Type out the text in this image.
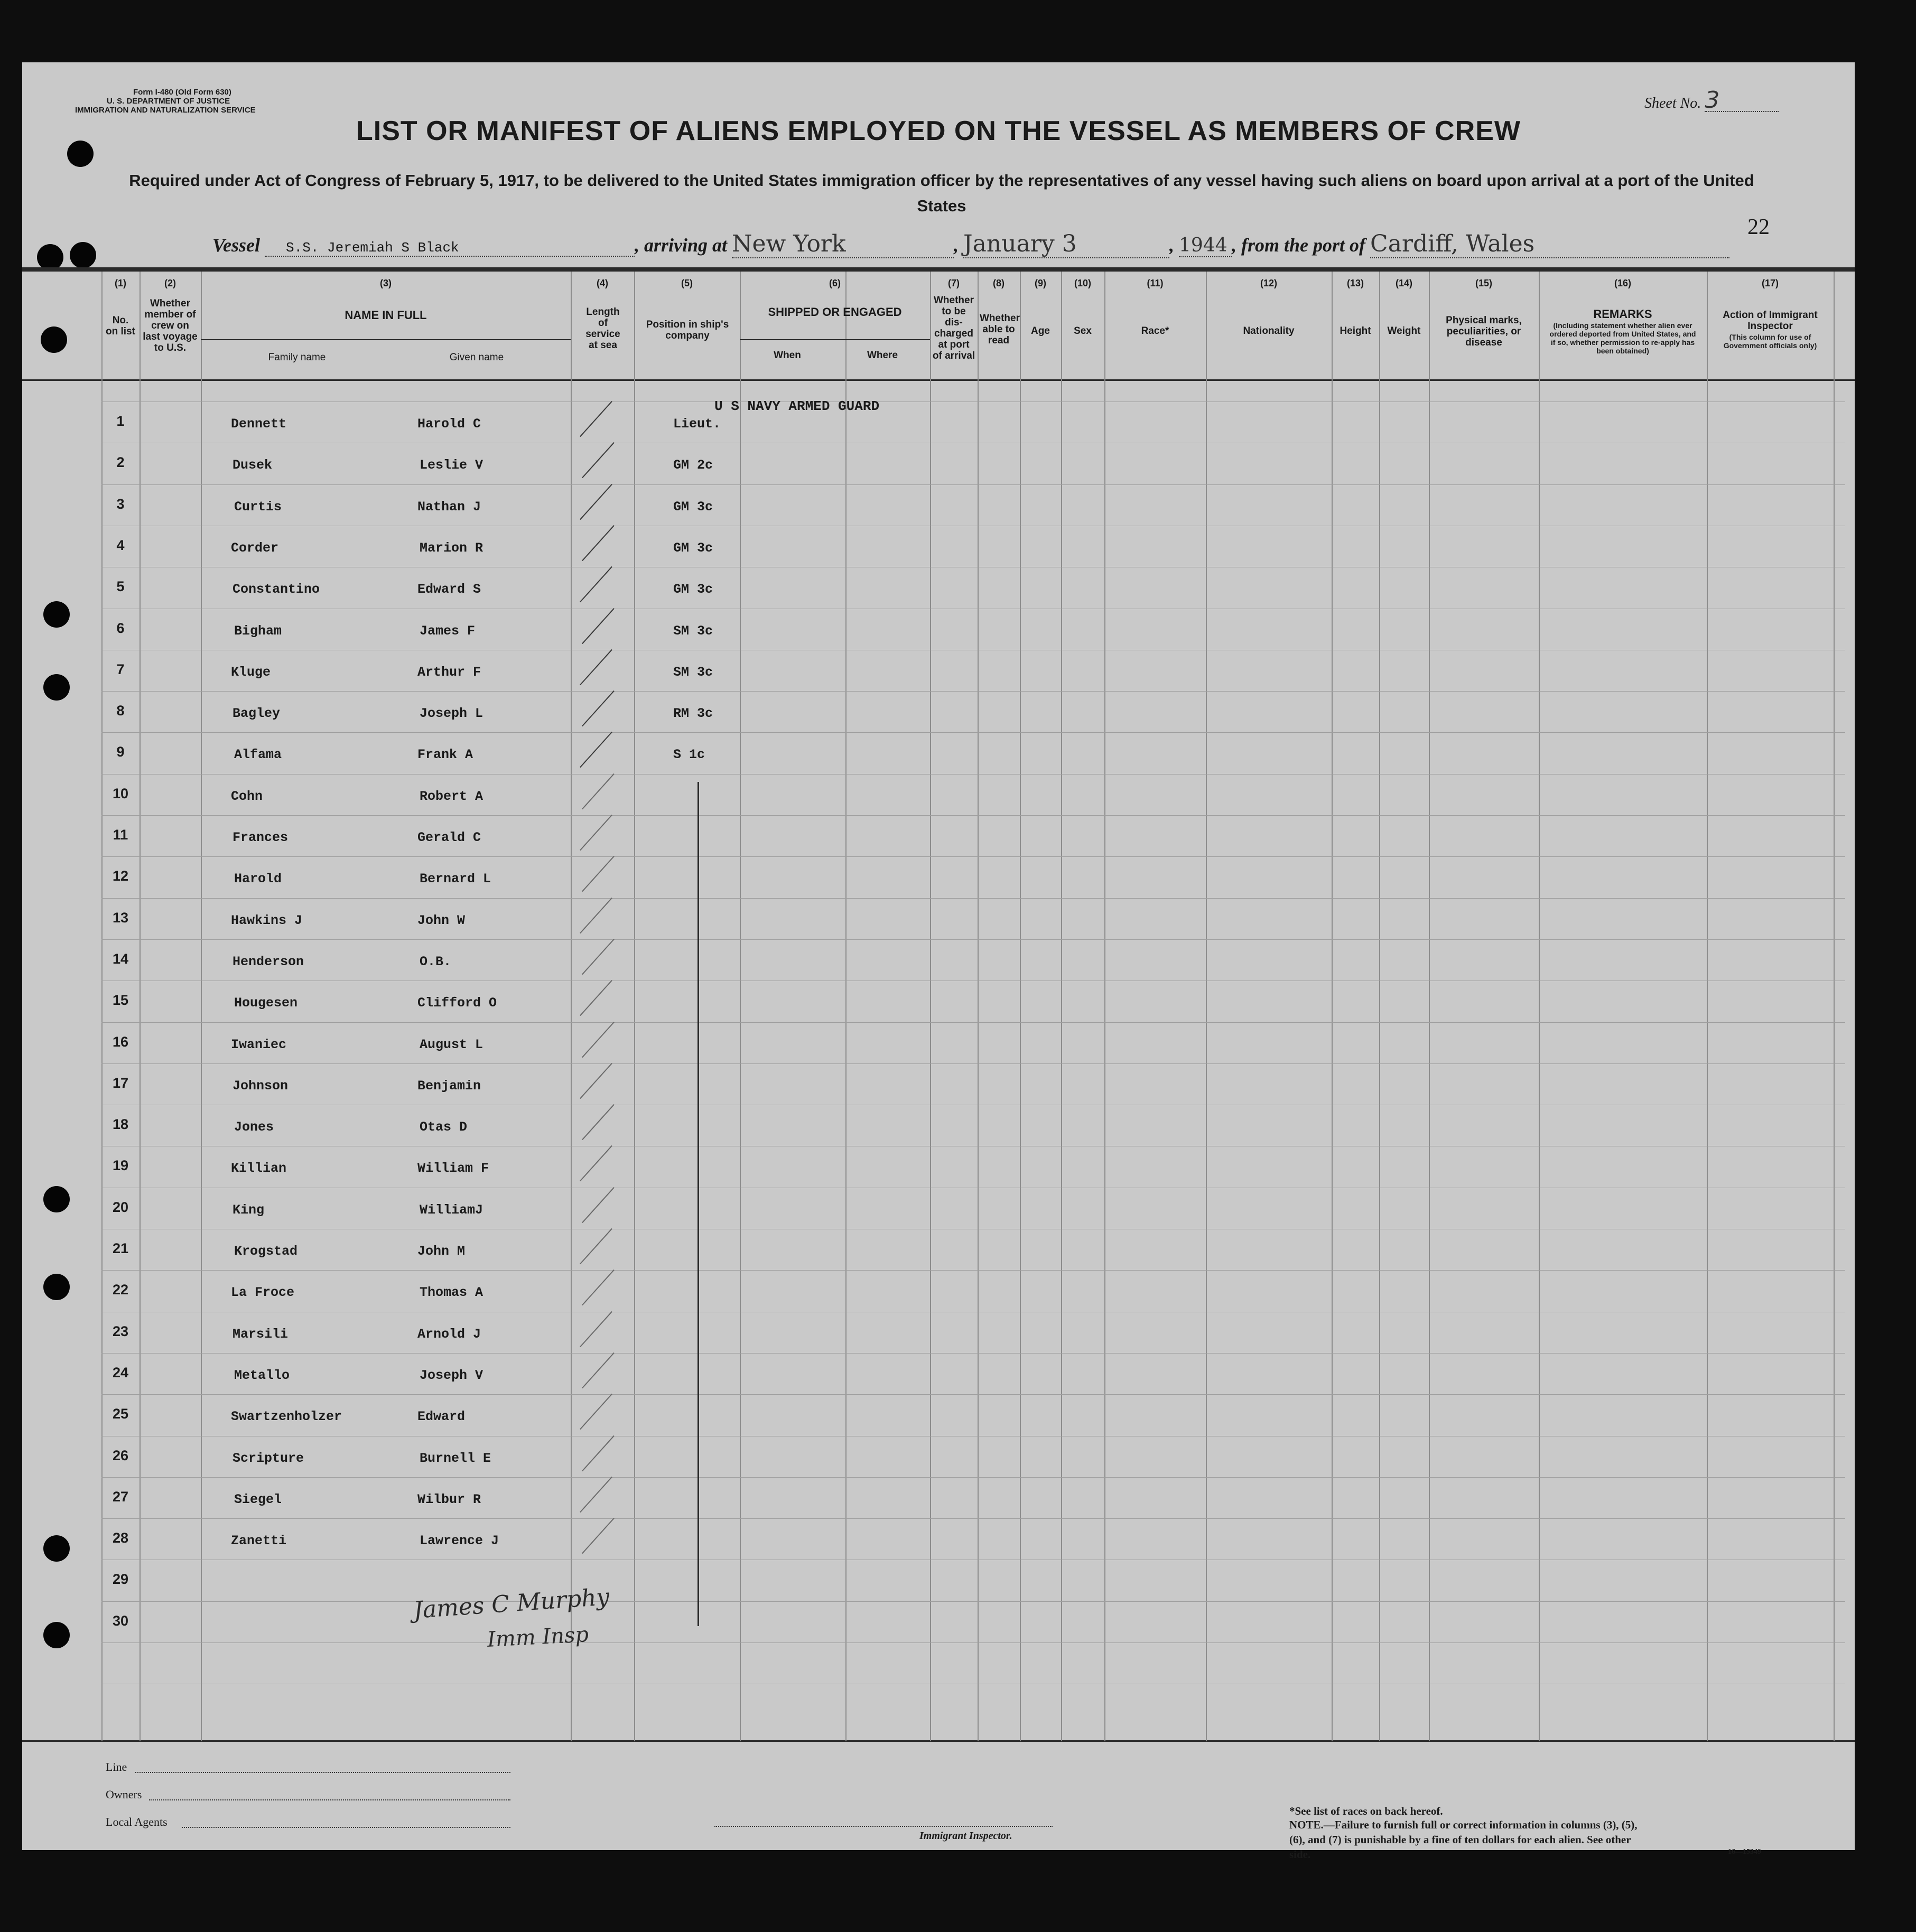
Form I-480 (Old Form 630)
U. S. DEPARTMENT OF JUSTICE
IMMIGRATION AND NATURALIZATION SERVICE	Sheet No. 3
LIST OR MANIFEST OF ALIENS EMPLOYED ON THE VESSEL AS MEMBERS OF CREW
Required under Act of Congress of February 5, 1917, to be delivered to the United States immigration officer by the representatives of any vessel having such aliens on board upon arrival at a port of the United States
22
Vessel S.S. Jeremiah S Black	, arriving at New York	, January 3	, 1944 , from the port of Cardiff, Wales
(1)	(2)	(3)	(4)	(5)	(6)	(7)	(8)	(9)	(10)	(11)	(12)	(13)	(14)	(15)	(16)	(17)
No. on list
Whether member of crew on last voyage to U.S.
NAME IN FULL
Family name	Given name
Length of service at sea
Position in ship's company
SHIPPED OR ENGAGED
When	Where
Whether to be dis-charged at port of arrival
Whether able to read
Age	Sex	Race*	Nationality	Height	Weight
Physical marks, peculiarities, or disease
REMARKS
(Including statement whether alien ever ordered deported from United States, and if so, whether permission to re-apply has been obtained)
Action of Immigrant Inspector
(This column for use of Government officials only)
U S NAVY ARMED GUARD
1	Dennett	Harold C	Lieut.
2	Dusek	Leslie V	GM 2c
3	Curtis	Nathan J	GM 3c
4	Corder	Marion R	GM 3c
5	Constantino	Edward S	GM 3c
6	Bigham	James F	SM 3c
7	Kluge	Arthur F	SM 3c
8	Bagley	Joseph L	RM 3c
9	Alfama	Frank A	S 1c
10	Cohn	Robert A
11	Frances	Gerald C
12	Harold	Bernard L
13	Hawkins J	John W
14	Henderson	O.B.
15	Hougesen	Clifford O
16	Iwaniec	August L
17	Johnson	Benjamin
18	Jones	Otas D
19	Killian	William F
20	King	WilliamJ
21	Krogstad	John M
22	La Froce	Thomas A
23	Marsili	Arnold J
24	Metallo	Joseph V
25	Swartzenholzer	Edward
26	Scripture	Burnell E
27	Siegel	Wilbur R
28	Zanetti	Lawrence J
29
30	James C Murphy
Imm Insp
Line
Owners
Local Agents
Immigrant Inspector.
*See list of races on back hereof.
NOTE.—Failure to furnish full or correct information in columns (3), (5), (6), and (7) is punishable by a fine of ten dollars for each alien. See other side.	16—15349
